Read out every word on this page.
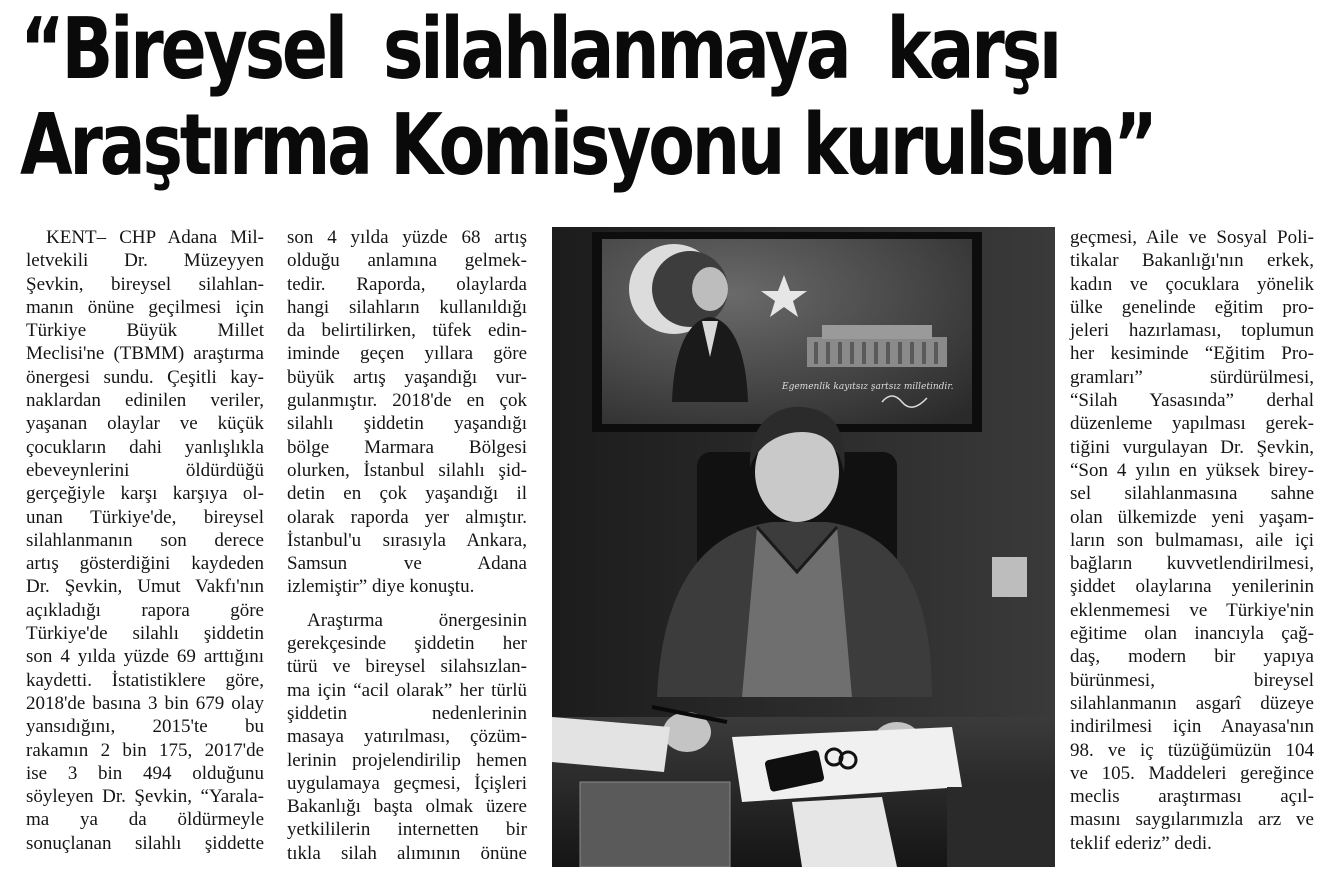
“Bireysel silahlanmaya karşı
Araştırma Komisyonu kurulsun”
KENT– CHP Adana Mil-
letvekili Dr. Müzeyyen
Şevkin, bireysel silahlan-
manın önüne geçilmesi için
Türkiye Büyük Millet
Meclisi'ne (TBMM) araştırma
önergesi sundu. Çeşitli kay-
naklardan edinilen veriler,
yaşanan olaylar ve küçük
çocukların dahi yanlışlıkla
ebeveynlerini öldürdüğü
gerçeğiyle karşı karşıya ol-
unan Türkiye'de, bireysel
silahlanmanın son derece
artış gösterdiğini kaydeden
Dr. Şevkin, Umut Vakfı'nın
açıkladığı rapora göre
Türkiye'de silahlı şiddetin
son 4 yılda yüzde 69 arttığını
kaydetti. İstatistiklere göre,
2018'de basına 3 bin 679 olay
yansıdığını, 2015'te bu
rakamın 2 bin 175, 2017'de
ise 3 bin 494 olduğunu
söyleyen Dr. Şevkin, “Yarala-
ma ya da öldürmeyle
sonuçlanan silahlı şiddette
son 4 yılda yüzde 68 artış
olduğu anlamına gelmek-
tedir. Raporda, olaylarda
hangi silahların kullanıldığı
da belirtilirken, tüfek edin-
iminde geçen yıllara göre
büyük artış yaşandığı vur-
gulanmıştır. 2018'de en çok
silahlı şiddetin yaşandığı
bölge Marmara Bölgesi
olurken, İstanbul silahlı şid-
detin en çok yaşandığı il
olarak raporda yer almıştır.
İstanbul'u sırasıyla Ankara,
Samsun ve Adana
izlemiştir” diye konuştu.
Araştırma önergesinin
gerekçesinde şiddetin her
türü ve bireysel silahsızlan-
ma için “acil olarak” her türlü
şiddetin nedenlerinin
masaya yatırılması, çözüm-
lerinin projelendirilip hemen
uygulamaya geçmesi, İçişleri
Bakanlığı başta olmak üzere
yetkililerin internetten bir
tıkla silah alımının önüne
Egemenlik kayıtsız şartsız milletindir.
geçmesi, Aile ve Sosyal Poli-
tikalar Bakanlığı'nın erkek,
kadın ve çocuklara yönelik
ülke genelinde eğitim pro-
jeleri hazırlaması, toplumun
her kesiminde “Eğitim Pro-
gramları” sürdürülmesi,
“Silah Yasasında” derhal
düzenleme yapılması gerek-
tiğini vurgulayan Dr. Şevkin,
“Son 4 yılın en yüksek birey-
sel silahlanmasına sahne
olan ülkemizde yeni yaşam-
ların son bulmaması, aile içi
bağların kuvvetlendirilmesi,
şiddet olaylarına yenilerinin
eklenmemesi ve Türkiye'nin
eğitime olan inancıyla çağ-
daş, modern bir yapıya
bürünmesi, bireysel
silahlanmanın asgarî düzeye
indirilmesi için Anayasa'nın
98. ve iç tüzüğümüzün 104
ve 105. Maddeleri gereğince
meclis araştırması açıl-
masını saygılarımızla arz ve
teklif ederiz” dedi.
